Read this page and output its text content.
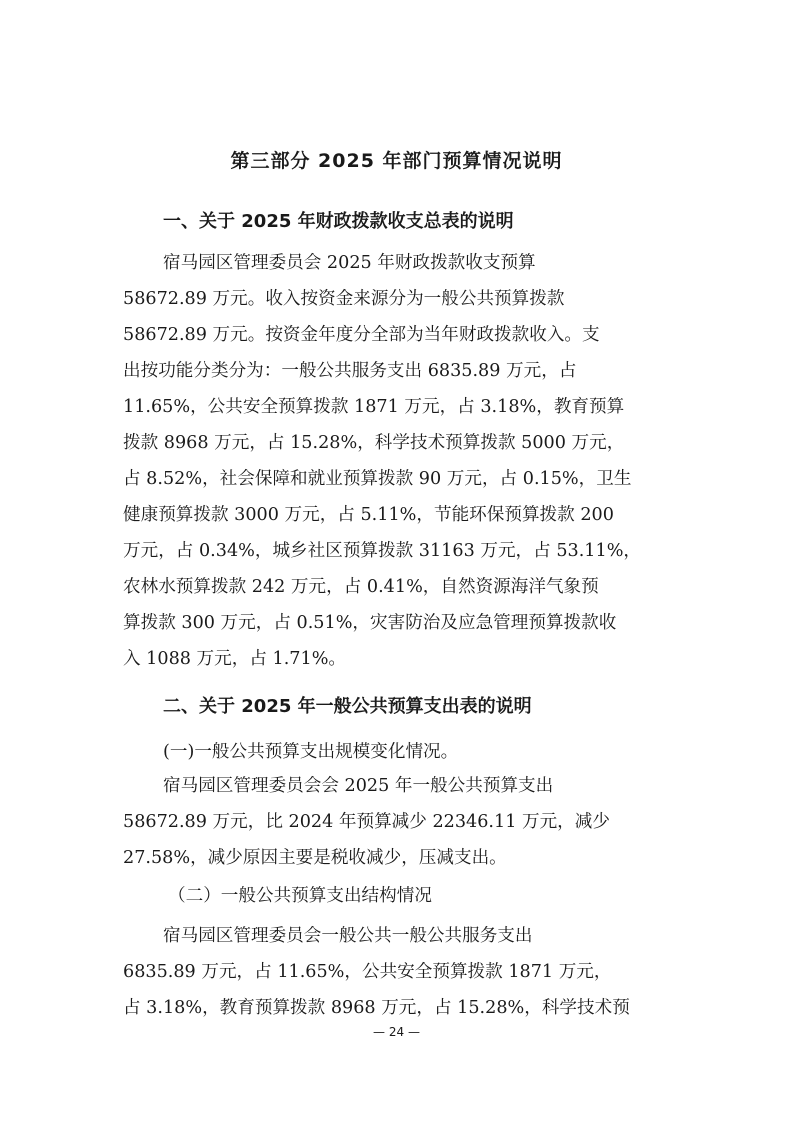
第三部分 2025 年部门预算情况说明
一、关于 2025 年财政拨款收支总表的说明
宿马园区管理委员会 2025 年财政拨款收支预算
58672.89 万元。收入按资金来源分为一般公共预算拨款
58672.89 万元。按资金年度分全部为当年财政拨款收入。支
出按功能分类分为：一般公共服务支出 6835.89 万元，占
11.65%，公共安全预算拨款 1871 万元，占 3.18%，教育预算
拨款 8968 万元，占 15.28%，科学技术预算拨款 5000 万元，
占 8.52%，社会保障和就业预算拨款 90 万元，占 0.15%，卫生
健康预算拨款 3000 万元，占 5.11%，节能环保预算拨款 200
万元，占 0.34%，城乡社区预算拨款 31163 万元，占 53.11%，
农林水预算拨款 242 万元，占 0.41%，自然资源海洋气象预
算拨款 300 万元，占 0.51%，灾害防治及应急管理预算拨款收
入 1088 万元，占 1.71%。
二、关于 2025 年一般公共预算支出表的说明
(一)一般公共预算支出规模变化情况。
宿马园区管理委员会会 2025 年一般公共预算支出
58672.89 万元，比 2024 年预算减少 22346.11 万元，减少
27.58%，减少原因主要是税收减少，压减支出。
（二）一般公共预算支出结构情况
宿马园区管理委员会一般公共一般公共服务支出
6835.89 万元，占 11.65%，公共安全预算拨款 1871 万元，
占 3.18%，教育预算拨款 8968 万元，占 15.28%，科学技术预
— 24 —
